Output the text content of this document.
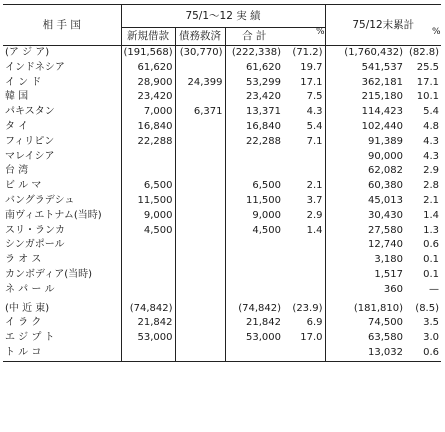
相 手 国	75/1～12 実 績				75/12末累計	
	新規借款	債務救済	合 計			
(ア ジ ア)	(191,568)	(30,770)	(222,338)	(71.2)	(1,760,432)	(82.8)
インドネシア	61,620		61,620	19.7	541,537	25.5
イ ン ド	28,900	24,399	53,299	17.1	362,181	17.1
韓 国	23,420		23,420	7.5	215,180	10.1
パキスタン	7,000	6,371	13,371	4.3	114,423	5.4
タ イ	16,840		16,840	5.4	102,440	4.8
フィリピン	22,288		22,288	7.1	91,389	4.3
マレイシア					90,000	4.3
台 湾					62,082	2.9
ビ ル マ	6,500		6,500	2.1	60,380	2.8
バングラデシュ	11,500		11,500	3.7	45,013	2.1
南ヴィエトナム(当時)	9,000		9,000	2.9	30,430	1.4
スリ・ランカ	4,500		4,500	1.4	27,580	1.3
シンガポール					12,740	0.6
ラ オ ス					3,180	0.1
カンボディア(当時)					1,517	0.1
ネ パ ー ル					360	—

(中 近 東)	(74,842)		(74,842)	(23.9)	(181,810)	(8.5)
イ ラ ク	21,842		21,842	6.9	74,500	3.5
エ ジ プ ト	53,000		53,000	17.0	63,580	3.0
ト ル コ					13,032	0.6
%	%
